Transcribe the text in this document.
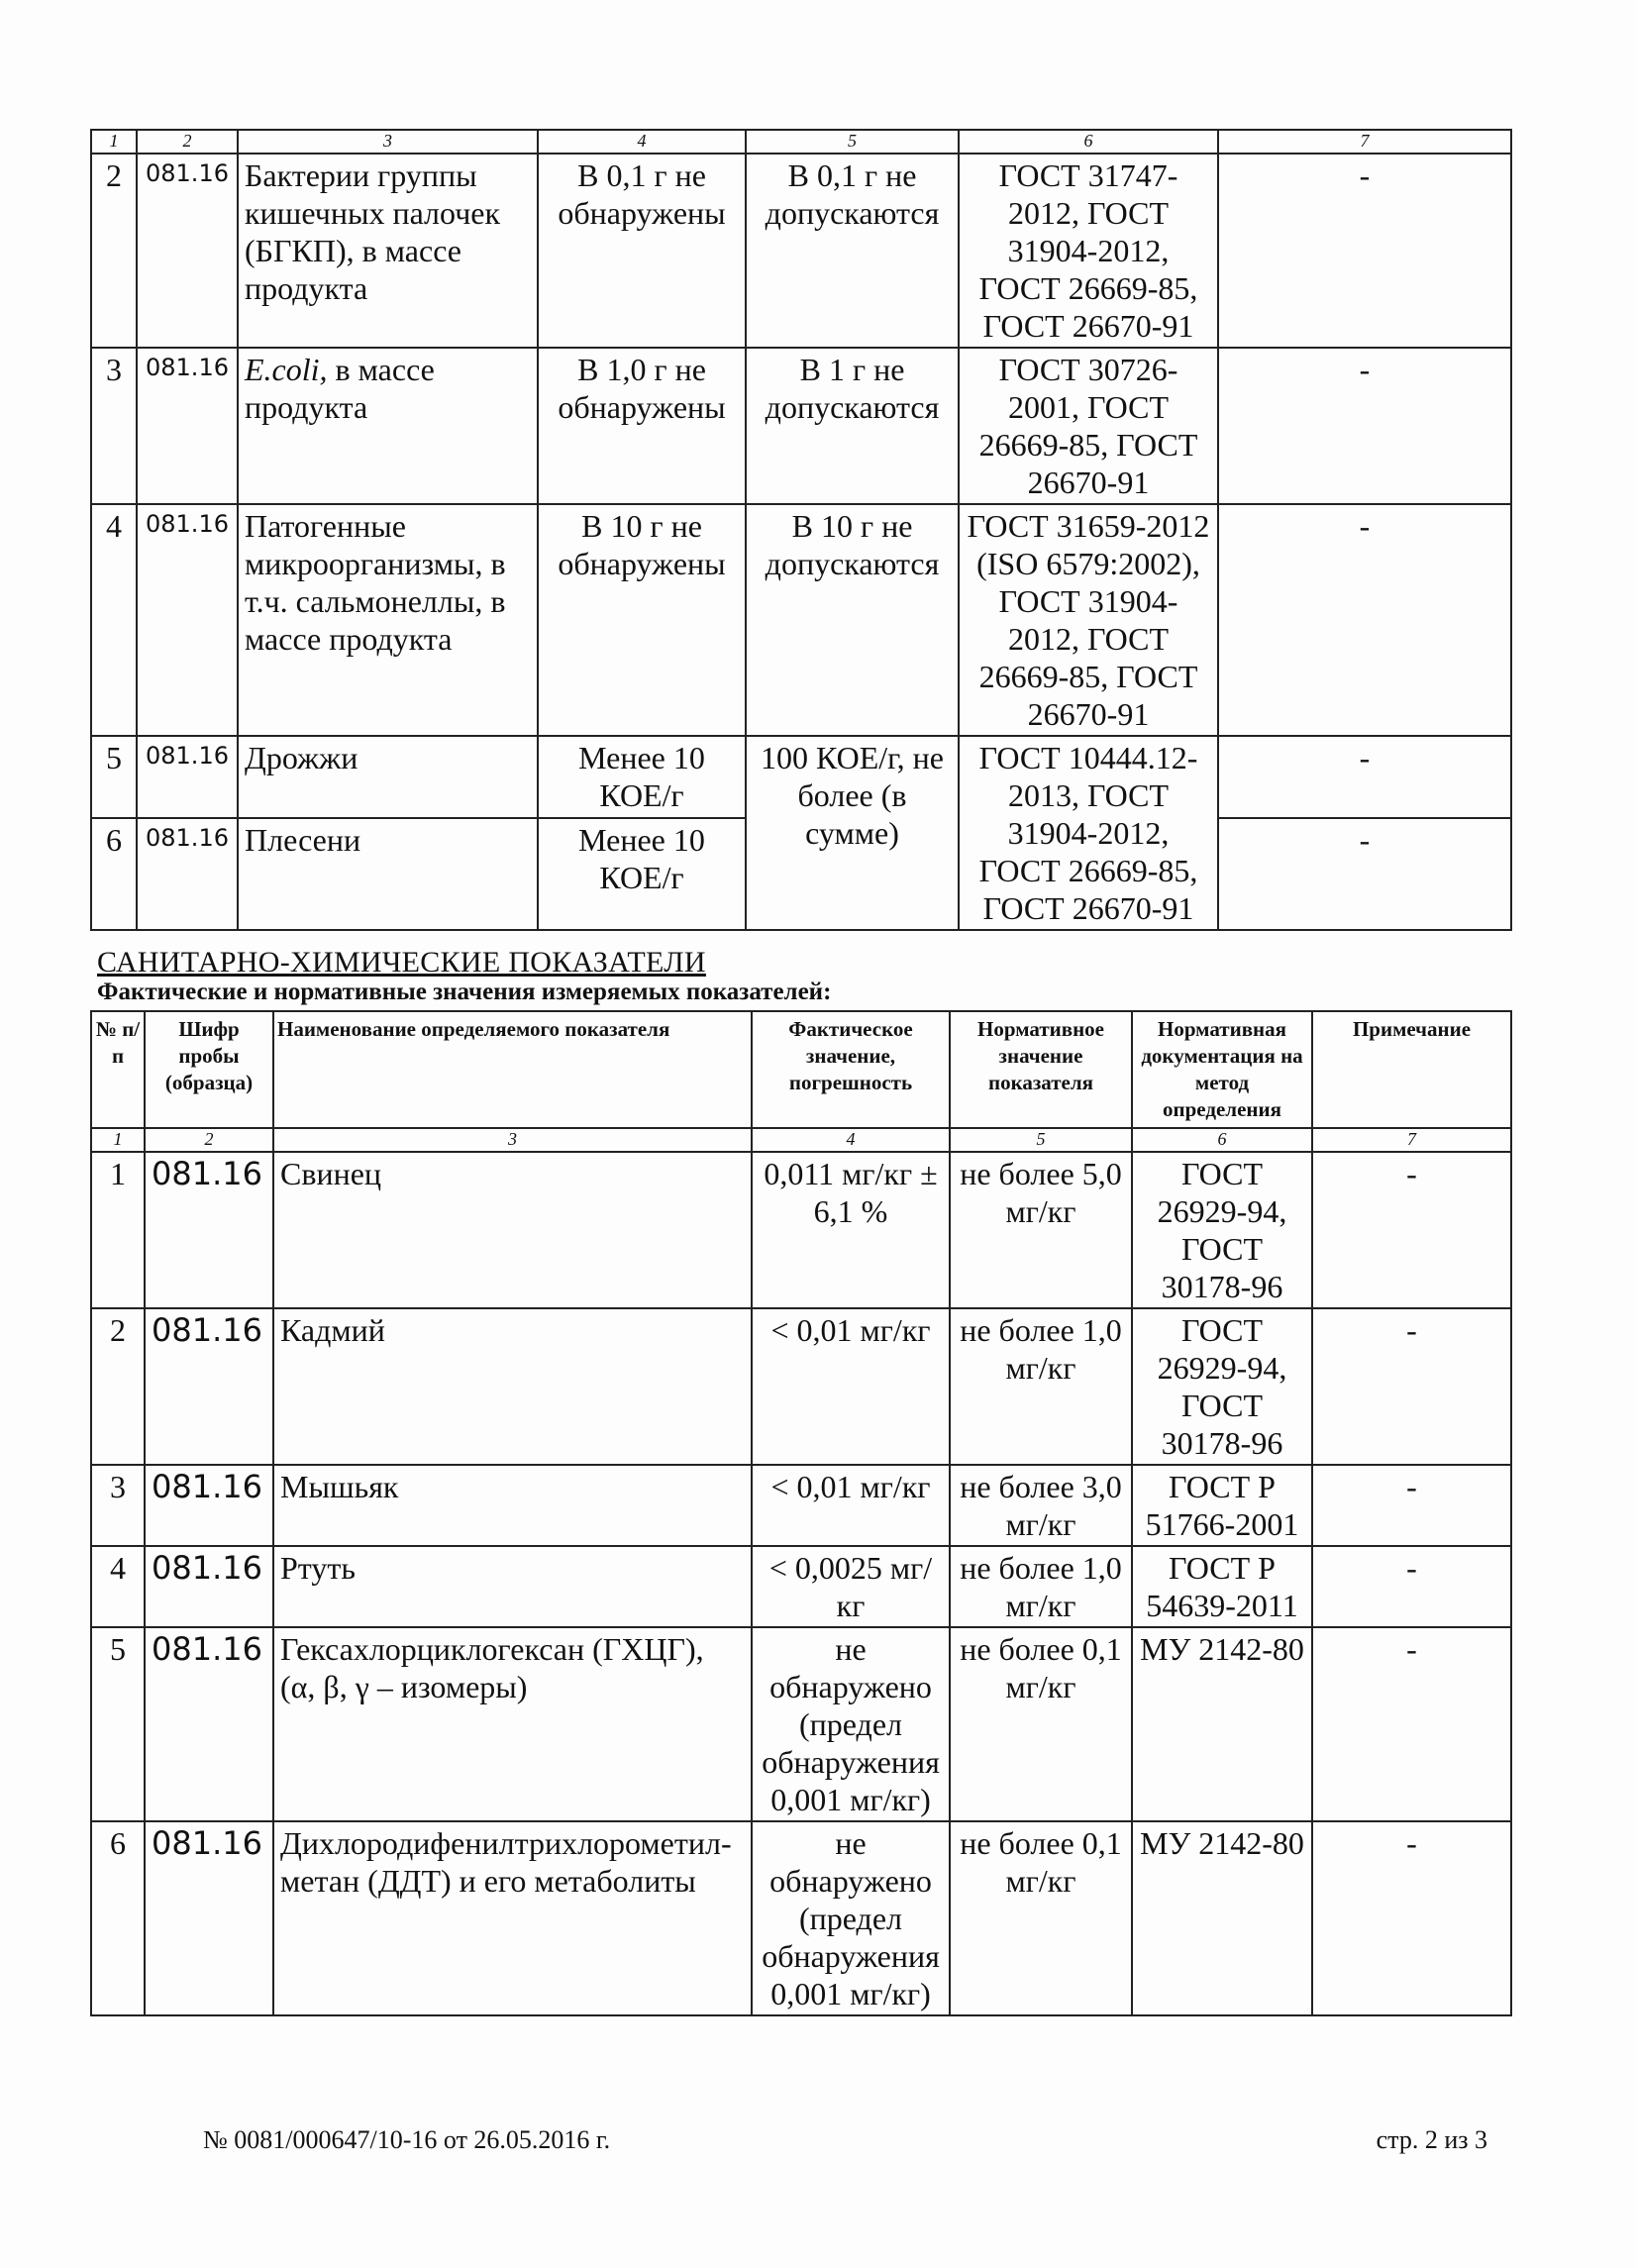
1	2	3	4	5	6	7
2	081.16	Бактерии группы кишечных палочек (БГКП), в массе продукта	В 0,1 г не обнаружены	В 0,1 г не допускаются	ГОСТ 31747-2012, ГОСТ 31904-2012, ГОСТ 26669-85, ГОСТ 26670-91	-
3	081.16	E.coli, в массе продукта	В 1,0 г не обнаружены	В 1 г не допускаются	ГОСТ 30726-2001, ГОСТ 26669-85, ГОСТ 26670-91	-
4	081.16	Патогенные микроорганизмы, в т.ч. сальмонеллы, в массе продукта	В 10 г не обнаружены	В 10 г не допускаются	ГОСТ 31659-2012 (ISO 6579:2002), ГОСТ 31904-2012, ГОСТ 26669-85, ГОСТ 26670-91	-
5	081.16	Дрожжи	Менее 10 КОЕ/г	100 КОЕ/г, не более (в сумме)	ГОСТ 10444.12-2013, ГОСТ 31904-2012, ГОСТ 26669-85, ГОСТ 26670-91	-
6	081.16	Плесени	Менее 10 КОЕ/г			-
САНИТАРНО-ХИМИЧЕСКИЕ ПОКАЗАТЕЛИ
Фактические и нормативные значения измеряемых показателей:
№ п/п	Шифр пробы (образца)	Наименование определяемого показателя	Фактическое значение, погрешность	Нормативное значение показателя	Нормативная документация на метод определения	Примечание
1	2	3	4	5	6	7
1	081.16	Свинец	0,011 мг/кг ± 6,1 %	не более 5,0 мг/кг	ГОСТ 26929-94, ГОСТ 30178-96	-
2	081.16	Кадмий	< 0,01 мг/кг	не более 1,0 мг/кг	ГОСТ 26929-94, ГОСТ 30178-96	-
3	081.16	Мышьяк	< 0,01 мг/кг	не более 3,0 мг/кг	ГОСТ Р 51766-2001	-
4	081.16	Ртуть	< 0,0025 мг/кг	не более 1,0 мг/кг	ГОСТ Р 54639-2011	-
5	081.16	Гексахлорциклогексан (ГХЦГ), (α, β, γ – изомеры)	не обнаружено (предел обнаружения 0,001 мг/кг)	не более 0,1 мг/кг	МУ 2142-80	-
6	081.16	Дихлородифенилтрихлорометил-метан (ДДТ) и его метаболиты	не обнаружено (предел обнаружения 0,001 мг/кг)	не более 0,1 мг/кг	МУ 2142-80	-
№ 0081/000647/10-16 от 26.05.2016 г.	стр. 2 из 3
